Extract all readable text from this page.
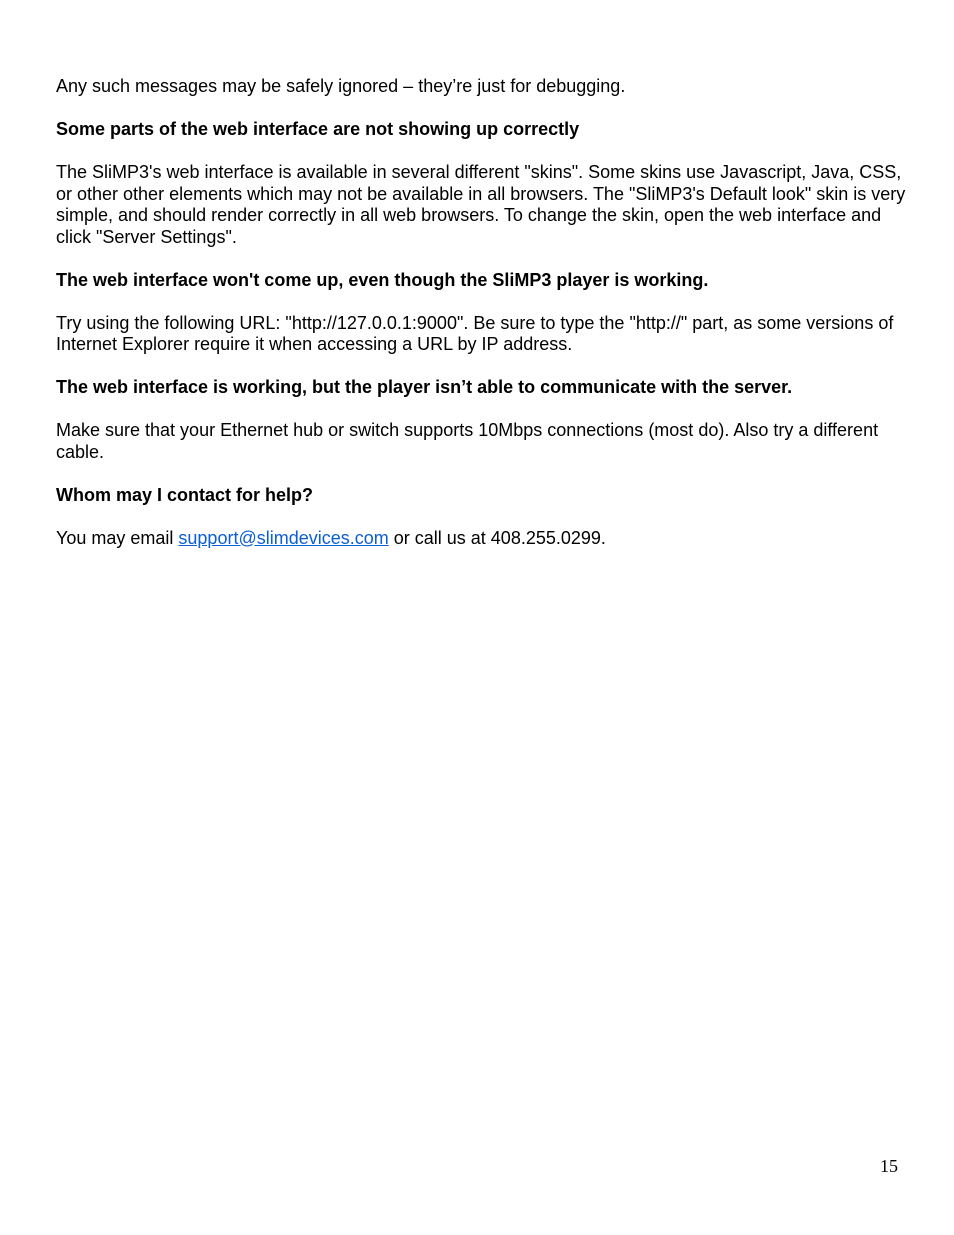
Any such messages may be safely ignored – they’re just for debugging.

Some parts of the web interface are not showing up correctly

The SliMP3's web interface is available in several different "skins". Some skins use Javascript, Java, CSS, or other other elements which may not be available in all browsers. The "SliMP3's Default look" skin is very simple, and should render correctly in all web browsers. To change the skin, open the web interface and click "Server Settings".

The web interface won't come up, even though the SliMP3 player is working.

Try using the following URL: "http://127.0.0.1:9000". Be sure to type the "http://" part, as some versions of Internet Explorer require it when accessing a URL by IP address.

The web interface is working, but the player isn’t able to communicate with the server.

Make sure that your Ethernet hub or switch supports 10Mbps connections (most do). Also try a different cable.

Whom may I contact for help?

You may email support@slimdevices.com or call us at 408.255.0299.

15
